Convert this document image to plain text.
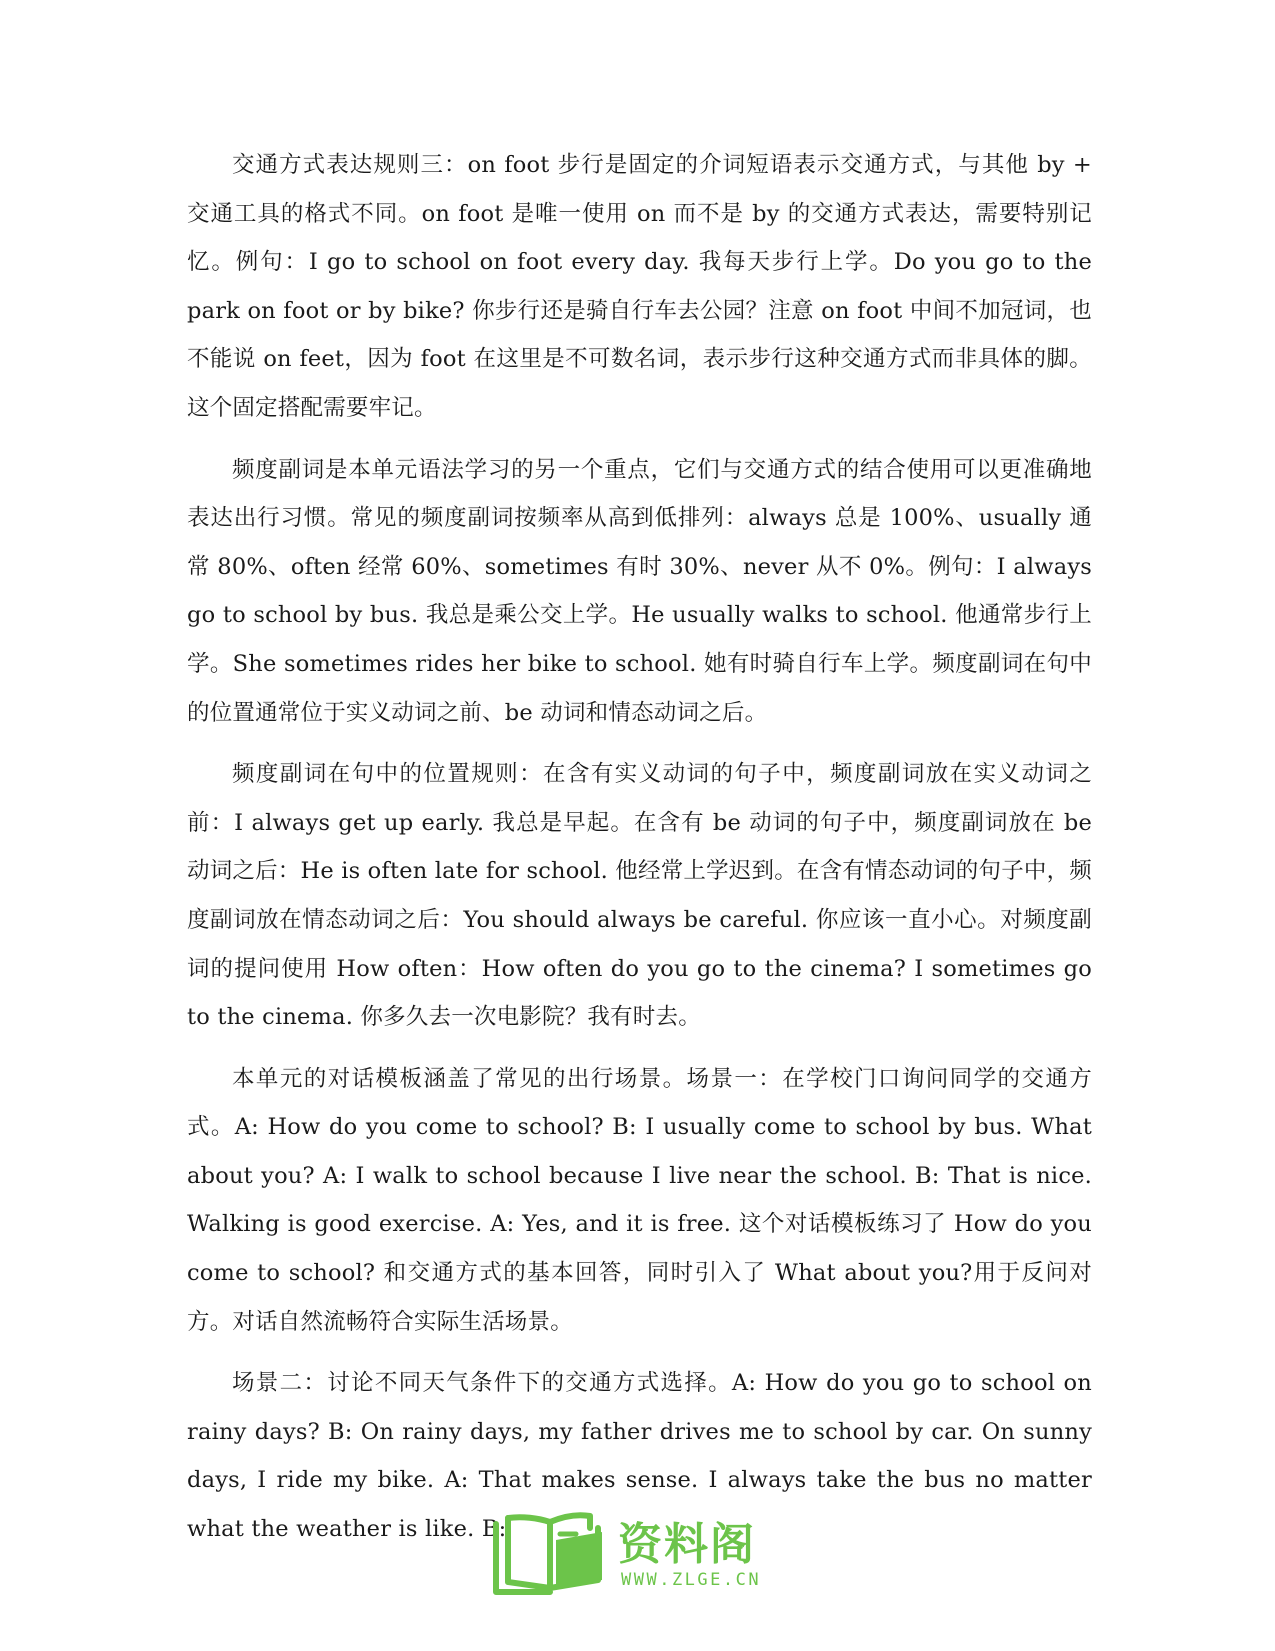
交通方式表达规则三：on foot 步行是固定的介词短语表示交通方式，与其他 by + 交通工具的格式不同。on foot 是唯一使用 on 而不是 by 的交通方式表达，需要特别记忆。例句：I go to school on foot every day. 我每天步行上学。Do you go to the park on foot or by bike? 你步行还是骑自行车去公园？注意 on foot 中间不加冠词，也不能说 on feet，因为 foot 在这里是不可数名词，表示步行这种交通方式而非具体的脚。这个固定搭配需要牢记。

频度副词是本单元语法学习的另一个重点，它们与交通方式的结合使用可以更准确地表达出行习惯。常见的频度副词按频率从高到低排列：always 总是 100%、usually 通常 80%、often 经常 60%、sometimes 有时 30%、never 从不 0%。例句：I always go to school by bus. 我总是乘公交上学。He usually walks to school. 他通常步行上学。She sometimes rides her bike to school. 她有时骑自行车上学。频度副词在句中的位置通常位于实义动词之前、be 动词和情态动词之后。

频度副词在句中的位置规则：在含有实义动词的句子中，频度副词放在实义动词之前：I always get up early. 我总是早起。在含有 be 动词的句子中，频度副词放在 be 动词之后：He is often late for school. 他经常上学迟到。在含有情态动词的句子中，频度副词放在情态动词之后：You should always be careful. 你应该一直小心。对频度副词的提问使用 How often：How often do you go to the cinema? I sometimes go to the cinema. 你多久去一次电影院？我有时去。

本单元的对话模板涵盖了常见的出行场景。场景一：在学校门口询问同学的交通方式。A: How do you come to school? B: I usually come to school by bus. What about you? A: I walk to school because I live near the school. B: That is nice. Walking is good exercise. A: Yes, and it is free. 这个对话模板练习了 How do you come to school? 和交通方式的基本回答，同时引入了 What about you?用于反问对方。对话自然流畅符合实际生活场景。

场景二：讨论不同天气条件下的交通方式选择。A: How do you go to school on rainy days? B: On rainy days, my father drives me to school by car. On sunny days, I ride my bike. A: That makes sense. I always take the bus no matter what the weather is like. B:	资料阁
WWW.ZLGE.CN
